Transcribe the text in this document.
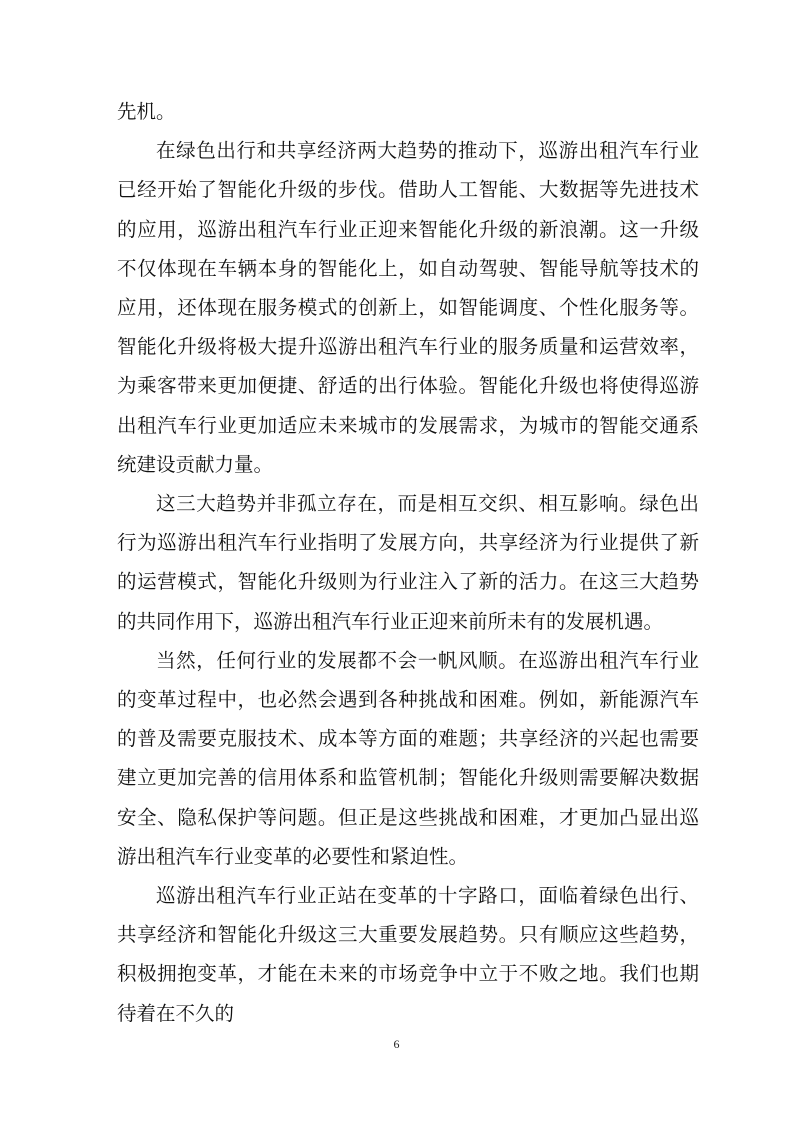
先机。

在绿色出行和共享经济两大趋势的推动下，巡游出租汽车行业已经开始了智能化升级的步伐。借助人工智能、大数据等先进技术的应用，巡游出租汽车行业正迎来智能化升级的新浪潮。这一升级不仅体现在车辆本身的智能化上，如自动驾驶、智能导航等技术的应用，还体现在服务模式的创新上，如智能调度、个性化服务等。智能化升级将极大提升巡游出租汽车行业的服务质量和运营效率，为乘客带来更加便捷、舒适的出行体验。智能化升级也将使得巡游出租汽车行业更加适应未来城市的发展需求，为城市的智能交通系统建设贡献力量。

这三大趋势并非孤立存在，而是相互交织、相互影响。绿色出行为巡游出租汽车行业指明了发展方向，共享经济为行业提供了新的运营模式，智能化升级则为行业注入了新的活力。在这三大趋势的共同作用下，巡游出租汽车行业正迎来前所未有的发展机遇。

当然，任何行业的发展都不会一帆风顺。在巡游出租汽车行业的变革过程中，也必然会遇到各种挑战和困难。例如，新能源汽车的普及需要克服技术、成本等方面的难题；共享经济的兴起也需要建立更加完善的信用体系和监管机制；智能化升级则需要解决数据安全、隐私保护等问题。但正是这些挑战和困难，才更加凸显出巡游出租汽车行业变革的必要性和紧迫性。

巡游出租汽车行业正站在变革的十字路口，面临着绿色出行、共享经济和智能化升级这三大重要发展趋势。只有顺应这些趋势，积极拥抱变革，才能在未来的市场竞争中立于不败之地。我们也期待着在不久的

6
